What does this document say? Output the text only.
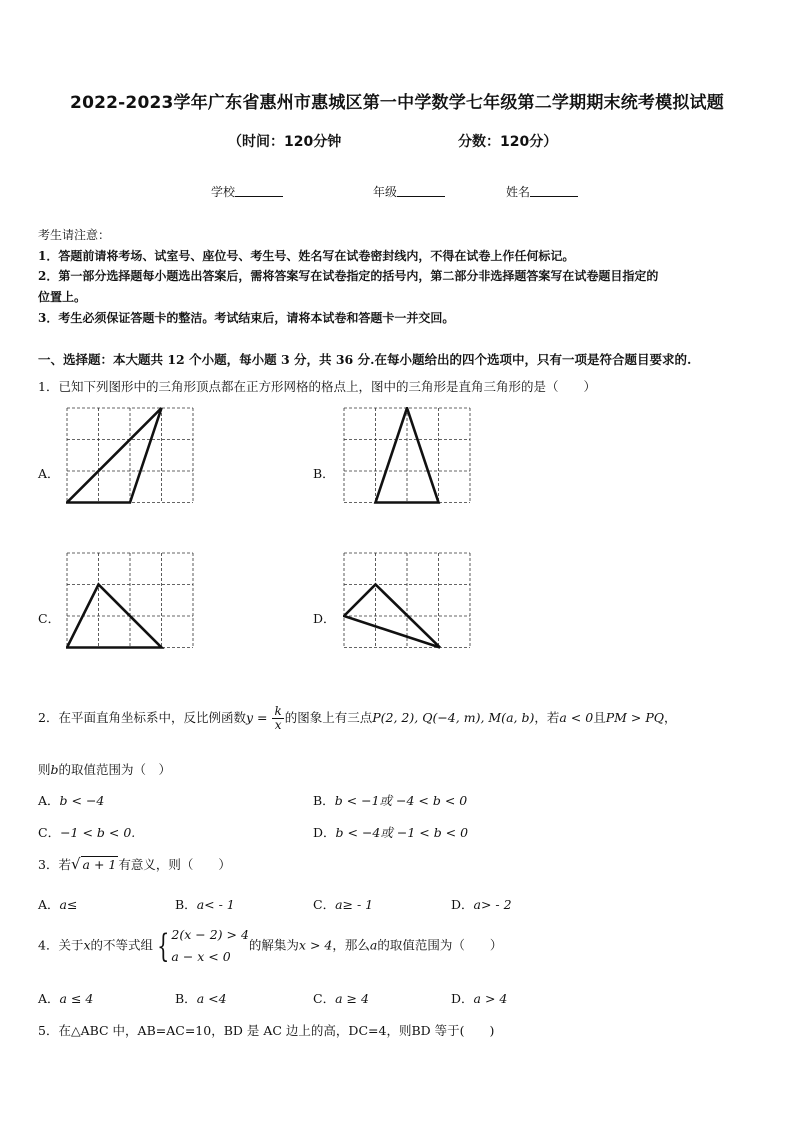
2022-2023学年广东省惠州市惠城区第一中学数学七年级第二学期期末统考模拟试题
（时间：120分钟	分数：120分）
学校	年级	姓名
考生请注意：
1．答题前请将考场、试室号、座位号、考生号、姓名写在试卷密封线内，不得在试卷上作任何标记。
2．第一部分选择题每小题选出答案后，需将答案写在试卷指定的括号内，第二部分非选择题答案写在试卷题目指定的
位置上。
3．考生必须保证答题卡的整洁。考试结束后，请将本试卷和答题卡一并交回。
一、选择题：本大题共 12 个小题，每小题 3 分，共 36 分.在每小题给出的四个选项中，只有一项是符合题目要求的.
1．已知下列图形中的三角形顶点都在正方形网格的格点上，图中的三角形是直角三角形的是（　　）
A．	B．
C．	D．
2．在平面直角坐标系中，反比例函数$y = \frac{k}{x}$ 的图象上有三点P(2, 2), Q(−4, m), M(a, b)，若a < 0且PM > PQ，
则b的取值范围为（　）
A．b < −4	B．b < −1或 −4 < b < 0
C．−1 < b < 0.	D．b < −4或 −1 < b < 0
3．若√ a + 1 有意义，则（　　）
A．a≤	B．a< - 1	C．a≥ - 1	D．a> - 2
4．关于x的不等式组 { 2(x − 2) > 4
a − x < 0
的解集为x > 4，那么a的取值范围为（　　）
A．a ≤ 4	B．a <4	C．a ≥ 4	D．a > 4
5．在△ABC 中，AB=AC=10，BD 是 AC 边上的高，DC=4，则BD 等于(　　)
